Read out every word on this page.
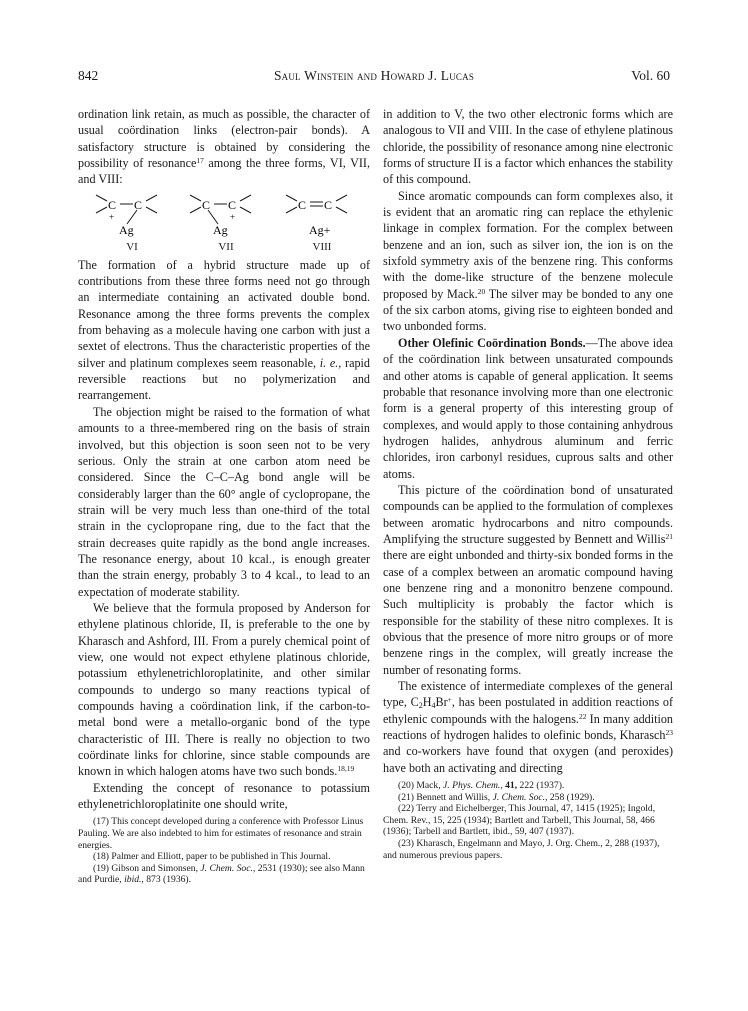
842	Saul Winstein and Howard J. Lucas	Vol. 60

ordination link retain, as much as possible, the character of usual coördination links (electron-pair bonds). A satisfactory structure is obtained by considering the possibility of resonance$^{17}$ among the three forms, VI, VII, and VIII:

C C
+
Ag
VI
C C
+
Ag
VII
C C
Ag+
VIII

The formation of a hybrid structure made up of contributions from these three forms need not go through an intermediate containing an activated double bond. Resonance among the three forms prevents the complex from behaving as a molecule having one carbon with just a sextet of electrons. Thus the characteristic properties of the silver and platinum complexes seem reasonable, i. e., rapid reversible reactions but no polymerization and rearrangement.

The objection might be raised to the formation of what amounts to a three-membered ring on the basis of strain involved, but this objection is soon seen not to be very serious. Only the strain at one carbon atom need be considered. Since the C–C–Ag bond angle will be considerably larger than the 60° angle of cyclopropane, the strain will be very much less than one-third of the total strain in the cyclopropane ring, due to the fact that the strain decreases quite rapidly as the bond angle increases. The resonance energy, about 10 kcal., is enough greater than the strain energy, probably 3 to 4 kcal., to lead to an expectation of moderate stability.

We believe that the formula proposed by Anderson for ethylene platinous chloride, II, is preferable to the one by Kharasch and Ashford, III. From a purely chemical point of view, one would not expect ethylene platinous chloride, potassium ethylenetrichloroplatinite, and other similar compounds to undergo so many reactions typical of compounds having a coördination link, if the carbon-to-metal bond were a metallo-organic bond of the type characteristic of III. There is really no objection to two coördinate links for chlorine, since stable compounds are known in which halogen atoms have two such bonds.$^{18,19}$

Extending the concept of resonance to potassium ethylenetrichloroplatinite one should write,

(17) This concept developed during a conference with Professor Linus Pauling. We are also indebted to him for estimates of resonance and strain energies.

(18) Palmer and Elliott, paper to be published in This Journal.

(19) Gibson and Simonsen, J. Chem. Soc., 2531 (1930); see also Mann and Purdie, ibid., 873 (1936).

in addition to V, the two other electronic forms which are analogous to VII and VIII. In the case of ethylene platinous chloride, the possibility of resonance among nine electronic forms of structure II is a factor which enhances the stability of this compound.

Since aromatic compounds can form complexes also, it is evident that an aromatic ring can replace the ethylenic linkage in complex formation. For the complex between benzene and an ion, such as silver ion, the ion is on the sixfold symmetry axis of the benzene ring. This conforms with the dome-like structure of the benzene molecule proposed by Mack.$^{20}$ The silver may be bonded to any one of the six carbon atoms, giving rise to eighteen bonded and two unbonded forms.

Other Olefinic Coördination Bonds.—The above idea of the coördination link between unsaturated compounds and other atoms is capable of general application. It seems probable that resonance involving more than one electronic form is a general property of this interesting group of complexes, and would apply to those containing anhydrous hydrogen halides, anhydrous aluminum and ferric chlorides, iron carbonyl residues, cuprous salts and other atoms.

This picture of the coördination bond of unsaturated compounds can be applied to the formulation of complexes between aromatic hydrocarbons and nitro compounds. Amplifying the structure suggested by Bennett and Willis$^{21}$ there are eight unbonded and thirty-six bonded forms in the case of a complex between an aromatic compound having one benzene ring and a mononitro benzene compound. Such multiplicity is probably the factor which is responsible for the stability of these nitro complexes. It is obvious that the presence of more nitro groups or of more benzene rings in the complex, will greatly increase the number of resonating forms.

The existence of intermediate complexes of the general type, $C_2H_4Br^+$, has been postulated in addition reactions of ethylenic compounds with the halogens.$^{22}$ In many addition reactions of hydrogen halides to olefinic bonds, Kharasch$^{23}$ and co-workers have found that oxygen (and peroxides) have both an activating and directing

(20) Mack, J. Phys. Chem., 41, 222 (1937).

(21) Bennett and Willis, J. Chem. Soc., 258 (1929).

(22) Terry and Eichelberger, This Journal, 47, 1415 (1925); Ingold, Chem. Rev., 15, 225 (1934); Bartlett and Tarbell, This Journal, 58, 466 (1936); Tarbell and Bartlett, ibid., 59, 407 (1937).

(23) Kharasch, Engelmann and Mayo, J. Org. Chem., 2, 288 (1937), and numerous previous papers.
